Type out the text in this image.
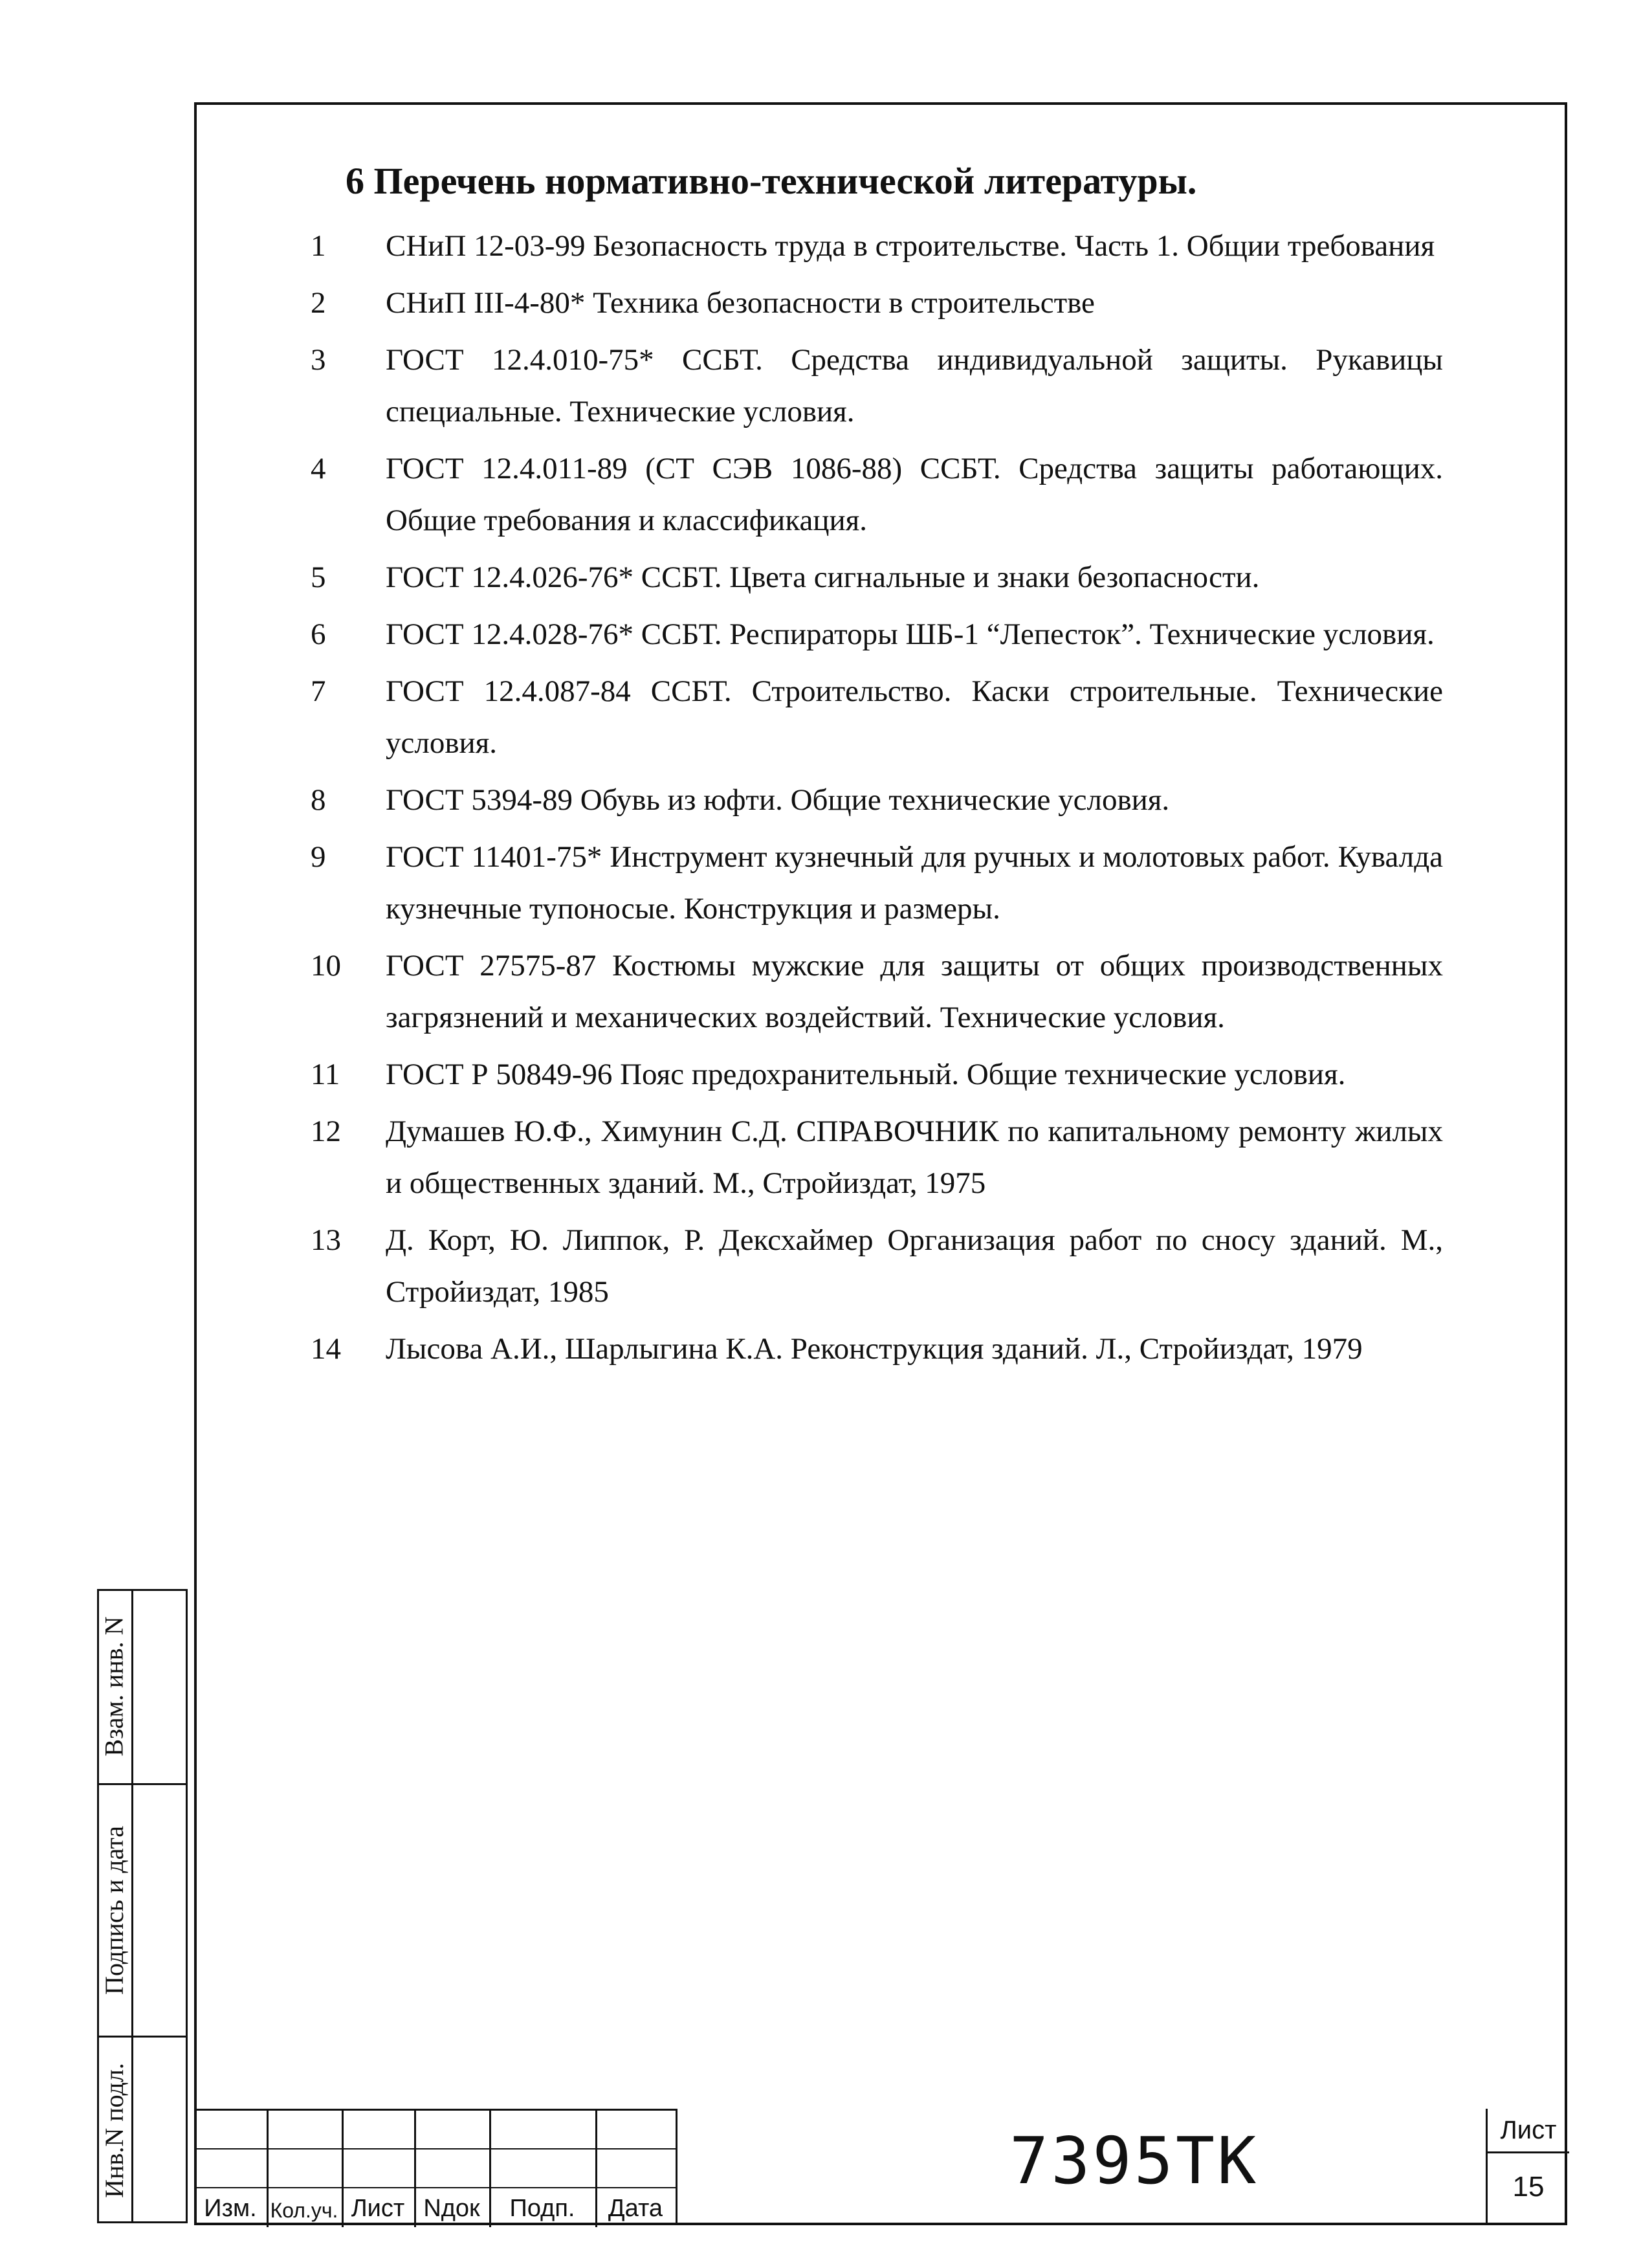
6 Перечень нормативно-технической литературы.
1	СНиП 12-03-99 Безопасность труда в строительстве. Часть 1. Общии требования
2	СНиП III-4-80* Техника безопасности в строительстве
3	ГОСТ 12.4.010-75* ССБТ. Средства индивидуальной защиты. Рукавицы специальные. Технические условия.
4	ГОСТ 12.4.011-89 (СТ СЭВ 1086-88) ССБТ. Средства защиты работающих. Общие требования и классификация.
5	ГОСТ 12.4.026-76* ССБТ. Цвета сигнальные и знаки безопасности.
6	ГОСТ 12.4.028-76* ССБТ. Респираторы ШБ-1 “Лепесток”. Технические условия.
7	ГОСТ 12.4.087-84 ССБТ. Строительство. Каски строительные. Технические условия.
8	ГОСТ 5394-89 Обувь из юфти. Общие технические условия.
9	ГОСТ 11401-75* Инструмент кузнечный для ручных и молотовых работ. Кувалда кузнечные тупоносые. Конструкция и размеры.
10	ГОСТ 27575-87 Костюмы мужские для защиты от общих производственных загрязнений и механических воздействий. Технические условия.
11	ГОСТ Р 50849-96 Пояс предохранительный. Общие технические условия.
12	Думашев Ю.Ф., Химунин С.Д. СПРАВОЧНИК по капитальному ремонту жилых и общественных зданий. М., Стройиздат, 1975
13	Д. Корт, Ю. Липпок, Р. Дексхаймер Организация работ по сносу зданий. М., Стройиздат, 1985
14	Лысова А.И., Шарлыгина К.А. Реконструкция зданий. Л., Стройиздат, 1979
Взам. инв. N
Подпись и дата
Инв.N подл.
Изм. Кол.уч. Лист Nдок	Подп.	Дата
7395ТК	Лист
15
